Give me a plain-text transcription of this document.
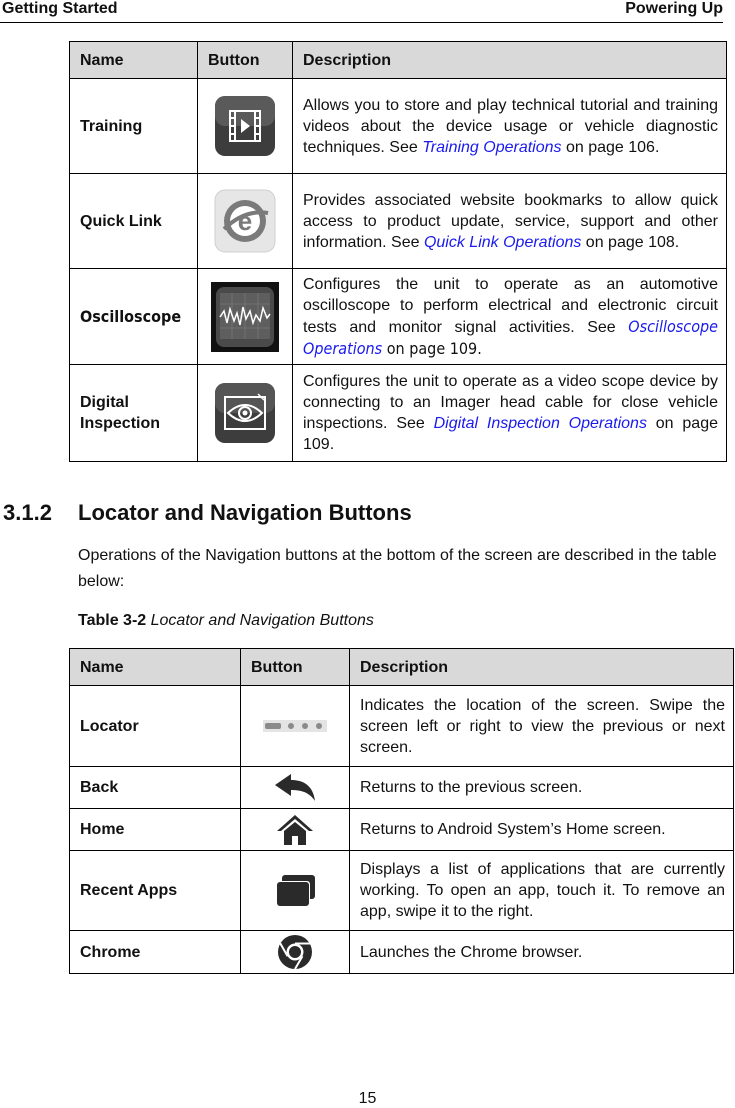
Getting Started	Powering Up
Name	Button	Description
Training		Allows you to store and play technical tutorial and training videos about the device usage or vehicle diagnostic techniques. See Training Operations on page 106.
Quick Link	e	Provides associated website bookmarks to allow quick access to product update, service, support and other information. See Quick Link Operations on page 108.
Oscilloscope		Configures the unit to operate as an automotive oscilloscope to perform electrical and electronic circuit tests and monitor signal activities. See Oscilloscope Operations on page 109.
Digital Inspection		Configures the unit to operate as a video scope device by connecting to an Imager head cable for close vehicle inspections. See Digital Inspection Operations on page 109.
3.1.2 Locator and Navigation Buttons
Operations of the Navigation buttons at the bottom of the screen are described in the table below:
Table 3-2 Locator and Navigation Buttons
Name	Button	Description
Locator		Indicates the location of the screen. Swipe the screen left or right to view the previous or next screen.
Back		Returns to the previous screen.
Home		Returns to Android System’s Home screen.
Recent Apps		Displays a list of applications that are currently working. To open an app, touch it. To remove an app, swipe it to the right.
Chrome		Launches the Chrome browser.
15
